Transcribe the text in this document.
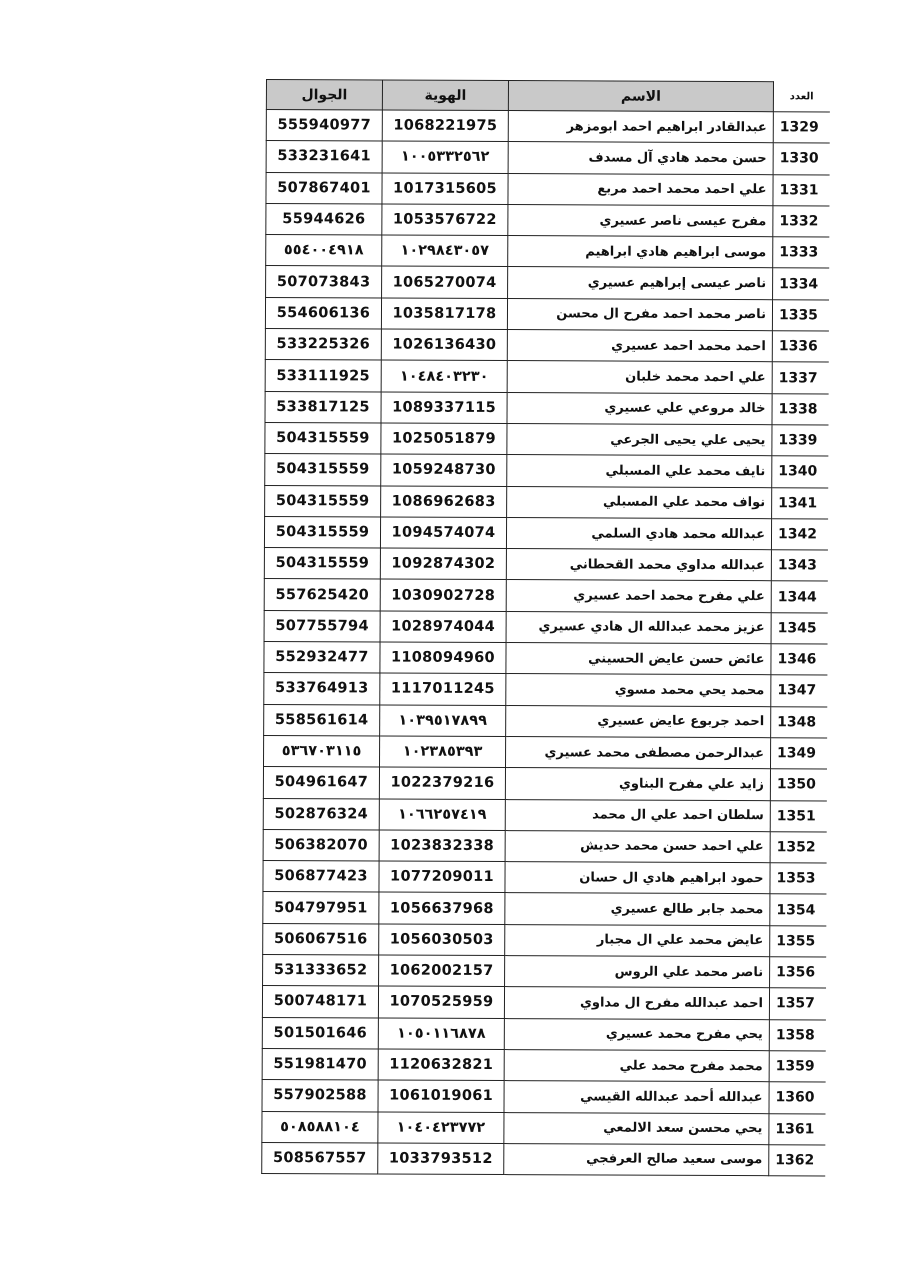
الجوال	الهوية	الاسم	العدد
555940977	1068221975	عبدالقادر ابراهيم احمد ابومزهر	1329
533231641	١٠٠٥٣٣٢٥٦٢	حسن محمد هادي آل مسدف	1330
507867401	1017315605	علي احمد محمد احمد مربع	1331
55944626	1053576722	مفرح عيسى ناصر عسيري	1332
٥٥٤٠٠٤٩١٨	١٠٢٩٨٤٣٠٥٧	موسى ابراهيم هادي ابراهيم	1333
507073843	1065270074	ناصر عيسى إبراهيم عسيري	1334
554606136	1035817178	ناصر محمد احمد مفرح ال محسن	1335
533225326	1026136430	احمد محمد احمد عسيري	1336
533111925	١٠٤٨٤٠٣٢٣٠	علي احمد محمد خلبان	1337
533817125	1089337115	خالد مروعي علي عسيري	1338
504315559	1025051879	يحيى علي يحيى الجرعي	1339
504315559	1059248730	نايف محمد علي المسبلي	1340
504315559	1086962683	نواف محمد علي المسبلي	1341
504315559	1094574074	عبدالله محمد هادي السلمي	1342
504315559	1092874302	عبدالله مداوي محمد القحطاني	1343
557625420	1030902728	علي مفرح محمد احمد عسيري	1344
507755794	1028974044	عزيز محمد عبدالله ال هادي عسيري	1345
552932477	1108094960	عائض حسن عايض الحسيني	1346
533764913	1117011245	محمد يحي محمد مسوي	1347
558561614	١٠٣٩٥١٧٨٩٩	احمد جربوع عايض عسيري	1348
٥٣٦٧٠٣١١٥	١٠٢٣٨٥٣٩٣	عبدالرحمن مصطفى محمد عسيري	1349
504961647	1022379216	زايد علي مفرح البناوي	1350
502876324	١٠٦٦٢٥٧٤١٩	سلطان احمد علي ال محمد	1351
506382070	1023832338	علي احمد حسن محمد حديش	1352
506877423	1077209011	حمود ابراهيم هادي ال حسان	1353
504797951	1056637968	محمد جابر طالع عسيري	1354
506067516	1056030503	عايض محمد علي ال مجبار	1355
531333652	1062002157	ناصر محمد علي الروس	1356
500748171	1070525959	احمد عبدالله مفرح ال مداوي	1357
501501646	١٠٥٠١١٦٨٧٨	يحي مفرح محمد عسيري	1358
551981470	1120632821	محمد مفرح محمد علي	1359
557902588	1061019061	عبدالله أحمد عبدالله القيسي	1360
٥٠٨٥٨٨١٠٤	١٠٤٠٤٢٣٧٧٢	يحي محسن سعد الالمعي	1361
508567557	1033793512	موسى سعيد صالح العرفجي	1362
